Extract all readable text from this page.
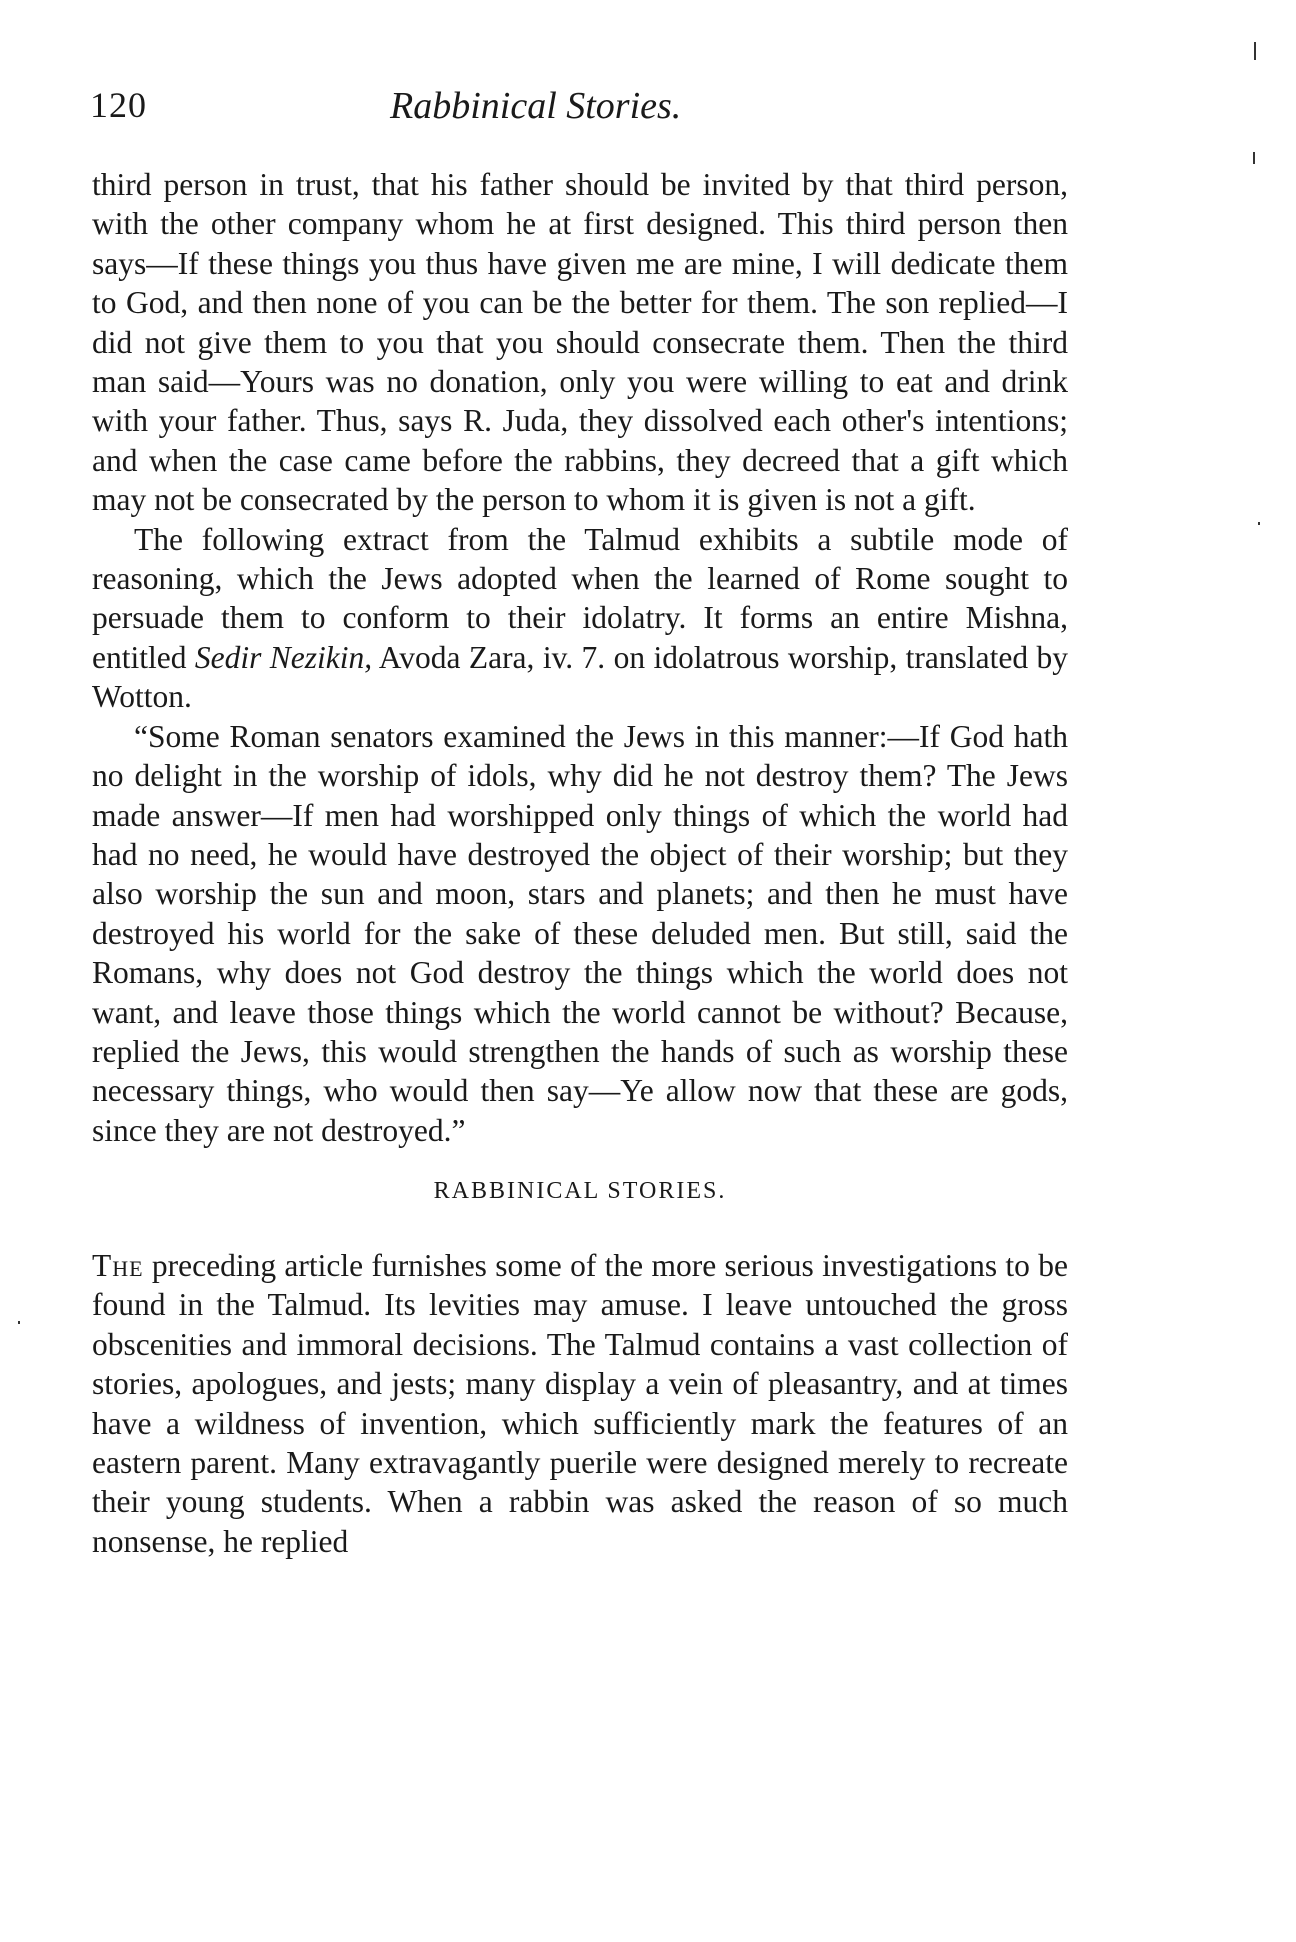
120	Rabbinical Stories.

third person in trust, that his father should be invited by that third person, with the other company whom he at first designed. This third person then says—If these things you thus have given me are mine, I will dedicate them to God, and then none of you can be the better for them. The son replied—I did not give them to you that you should consecrate them. Then the third man said—Yours was no donation, only you were willing to eat and drink with your father. Thus, says R. Juda, they dissolved each other's intentions; and when the case came before the rabbins, they decreed that a gift which may not be consecrated by the person to whom it is given is not a gift.

The following extract from the Talmud exhibits a subtile mode of reasoning, which the Jews adopted when the learned of Rome sought to persuade them to conform to their idolatry. It forms an entire Mishna, entitled Sedir Nezikin, Avoda Zara, iv. 7. on idolatrous worship, translated by Wotton.

“Some Roman senators examined the Jews in this manner:—If God hath no delight in the worship of idols, why did he not destroy them? The Jews made answer—If men had worshipped only things of which the world had had no need, he would have destroyed the object of their worship; but they also worship the sun and moon, stars and planets; and then he must have destroyed his world for the sake of these deluded men. But still, said the Romans, why does not God destroy the things which the world does not want, and leave those things which the world cannot be without? Because, replied the Jews, this would strengthen the hands of such as worship these necessary things, who would then say—Ye allow now that these are gods, since they are not destroyed.”

RABBINICAL STORIES.

The preceding article furnishes some of the more serious investigations to be found in the Talmud. Its levities may amuse. I leave untouched the gross obscenities and immoral decisions. The Talmud contains a vast collection of stories, apologues, and jests; many display a vein of pleasantry, and at times have a wildness of invention, which sufficiently mark the features of an eastern parent. Many extravagantly puerile were designed merely to recreate their young students. When a rabbin was asked the reason of so much nonsense, he replied
